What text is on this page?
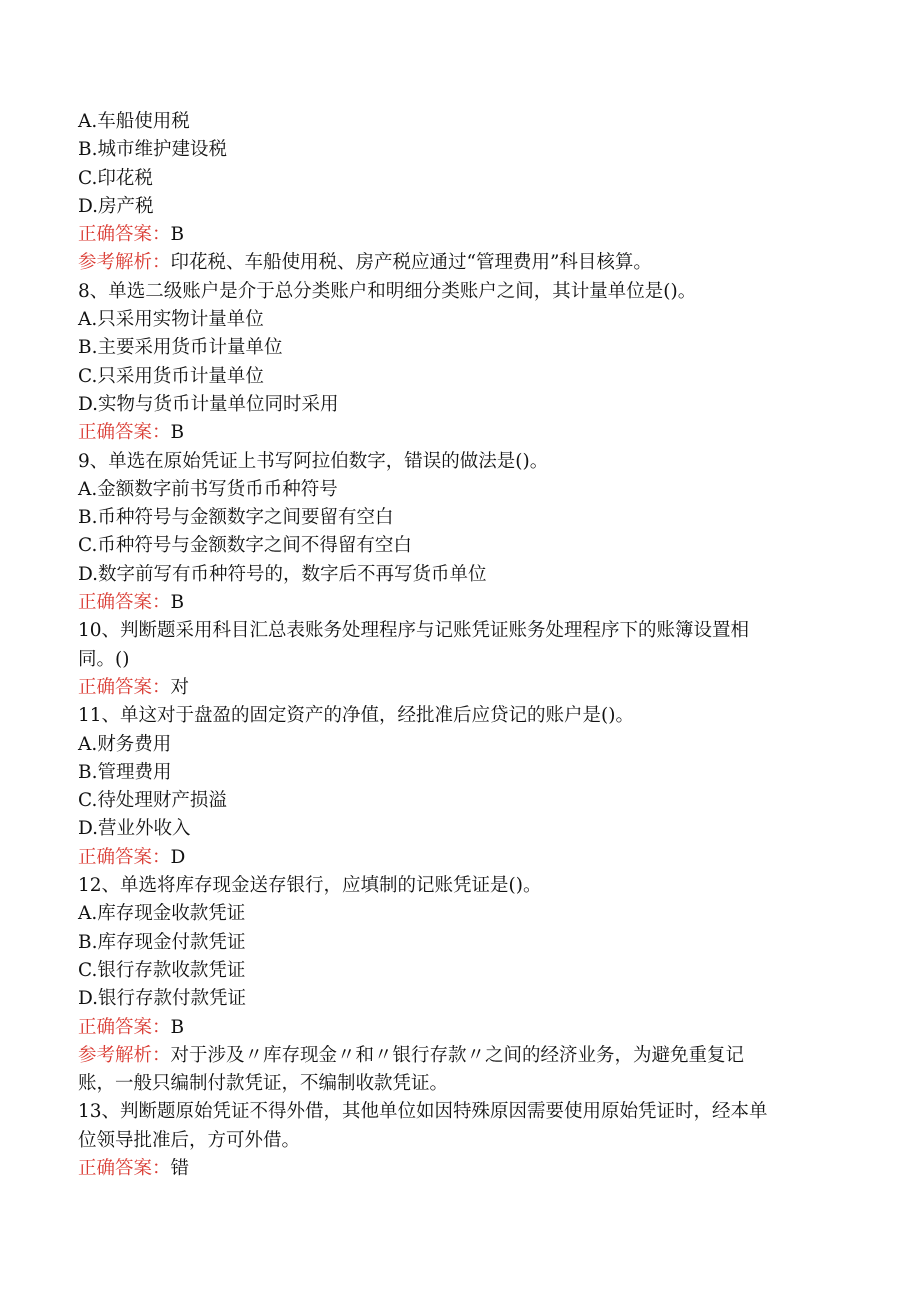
A.车船使用税
B.城市维护建设税
C.印花税
D.房产税
正确答案：B
参考解析：印花税、车船使用税、房产税应通过“管理费用”科目核算。
8、单选二级账户是介于总分类账户和明细分类账户之间，其计量单位是()。
A.只采用实物计量单位
B.主要采用货币计量单位
C.只采用货币计量单位
D.实物与货币计量单位同时采用
正确答案：B
9、单选在原始凭证上书写阿拉伯数字，错误的做法是()。
A.金额数字前书写货币币种符号
B.币种符号与金额数字之间要留有空白
C.币种符号与金额数字之间不得留有空白
D.数字前写有币种符号的，数字后不再写货币单位
正确答案：B
10、判断题采用科目汇总表账务处理程序与记账凭证账务处理程序下的账簿设置相
同。()
正确答案：对
11、单这对于盘盈的固定资产的净值，经批准后应贷记的账户是()。
A.财务费用
B.管理费用
C.待处理财产损溢
D.营业外收入
正确答案：D
12、单选将库存现金送存银行，应填制的记账凭证是()。
A.库存现金收款凭证
B.库存现金付款凭证
C.银行存款收款凭证
D.银行存款付款凭证
正确答案：B
参考解析：对于涉及〃库存现金〃和〃银行存款〃之间的经济业务，为避免重复记
账，一般只编制付款凭证，不编制收款凭证。
13、判断题原始凭证不得外借，其他单位如因特殊原因需要使用原始凭证时，经本单
位领导批准后，方可外借。
正确答案：错
